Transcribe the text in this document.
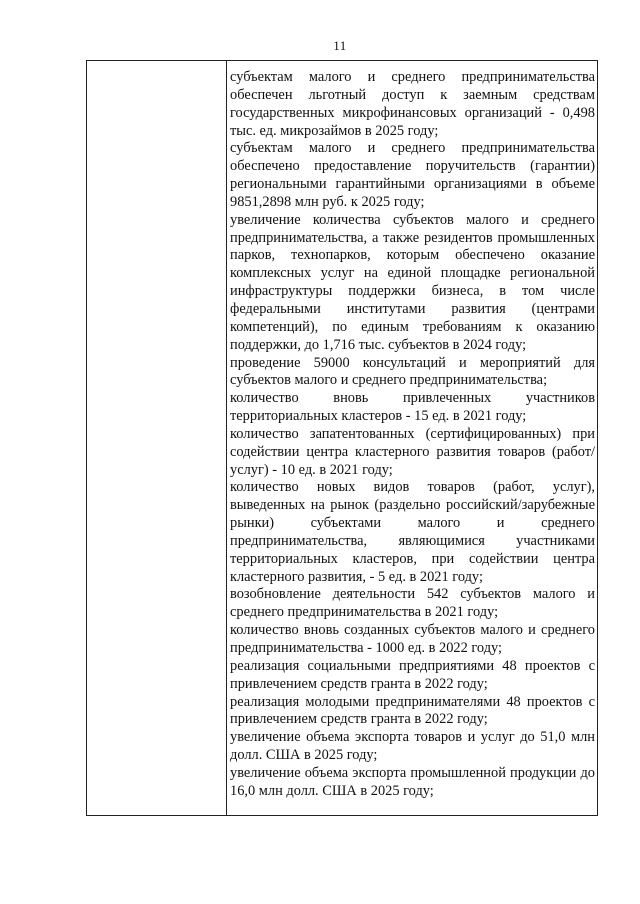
11

субъектам малого и среднего предпринимательства обеспечен льготный доступ к заемным средствам государственных микрофинансовых организаций - 0,498 тыс. ед. микрозаймов в 2025 году;

субъектам малого и среднего предпринимательства обеспечено предоставление поручительств (гарантии) региональными гарантийными организациями в объеме 9851,2898 млн руб. к 2025 году;

увеличение количества субъектов малого и среднего предпринимательства, а также резидентов промышленных парков, технопарков, которым обеспечено оказание комплексных услуг на единой площадке региональной инфраструктуры поддержки бизнеса, в том числе федеральными институтами развития (центрами компетенций), по единым требованиям к оказанию поддержки, до 1,716 тыс. субъектов в 2024 году;

проведение 59000 консультаций и мероприятий для субъектов малого и среднего предпринимательства;

количество вновь привлеченных участников территориальных кластеров - 15 ед. в 2021 году;

количество запатентованных (сертифицированных) при содействии центра кластерного развития товаров (работ/услуг) - 10 ед. в 2021 году;

количество новых видов товаров (работ, услуг), выведенных на рынок (раздельно российский/зарубежные рынки) субъектами малого и среднего предпринимательства, являющимися участниками территориальных кластеров, при содействии центра кластерного развития, - 5 ед. в 2021 году;

возобновление деятельности 542 субъектов малого и среднего предпринимательства в 2021 году;

количество вновь созданных субъектов малого и среднего предпринимательства - 1000 ед. в 2022 году;

реализация социальными предприятиями 48 проектов с привлечением средств гранта в 2022 году;

реализация молодыми предпринимателями 48 проектов с привлечением средств гранта в 2022 году;

увеличение объема экспорта товаров и услуг до 51,0 млн долл. США в 2025 году;

увеличение объема экспорта промышленной продукции до 16,0 млн долл. США в 2025 году;
